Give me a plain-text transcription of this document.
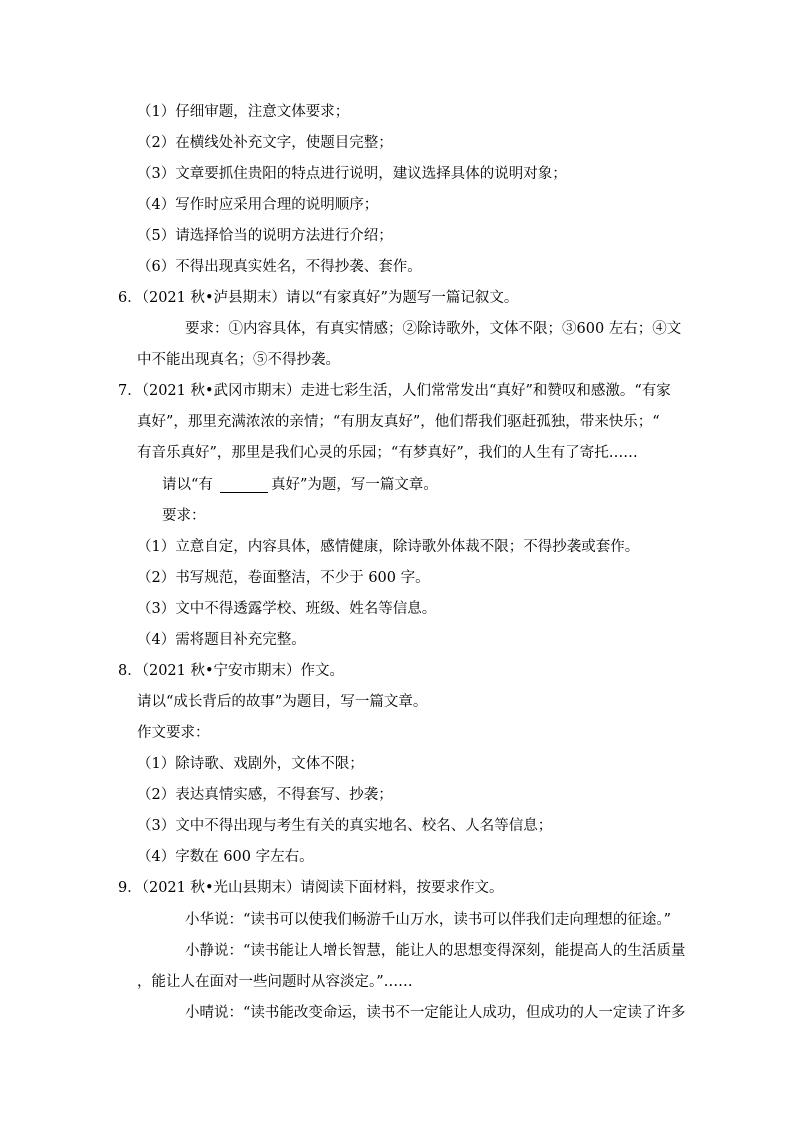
（1）仔细审题，注意文体要求；
（2）在横线处补充文字，使题目完整；
（3）文章要抓住贵阳的特点进行说明，建议选择具体的说明对象；
（4）写作时应采用合理的说明顺序；
（5）请选择恰当的说明方法进行介绍；
（6）不得出现真实姓名，不得抄袭、套作。
6．（2021 秋•泸县期末）请以“有家真好”为题写一篇记叙文。
要求：①内容具体，有真实情感；②除诗歌外，文体不限；③600 左右；④文
中不能出现真名；⑤不得抄袭。
7．（2021 秋•武冈市期末）走进七彩生活，人们常常发出“真好”和赞叹和感激。“有家
真好”，那里充满浓浓的亲情；“有朋友真好”，他们帮我们驱赶孤独，带来快乐；“
有音乐真好”，那里是我们心灵的乐园；“有梦真好”，我们的人生有了寄托……
请以“有	真好”为题，写一篇文章。
要求：
（1）立意自定，内容具体，感情健康，除诗歌外体裁不限；不得抄袭或套作。
（2）书写规范，卷面整洁，不少于 600 字。
（3）文中不得透露学校、班级、姓名等信息。
（4）需将题目补充完整。
8．（2021 秋•宁安市期末）作文。
请以“成长背后的故事”为题目，写一篇文章。
作文要求：
（1）除诗歌、戏剧外，文体不限；
（2）表达真情实感，不得套写、抄袭；
（3）文中不得出现与考生有关的真实地名、校名、人名等信息；
（4）字数在 600 字左右。
9．（2021 秋•光山县期末）请阅读下面材料，按要求作文。
小华说：“读书可以使我们畅游千山万水，读书可以伴我们走向理想的征途。”
小静说：“读书能让人增长智慧，能让人的思想变得深刻，能提高人的生活质量
，能让人在面对一些问题时从容淡定。”……
小晴说：“读书能改变命运，读书不一定能让人成功，但成功的人一定读了许多
